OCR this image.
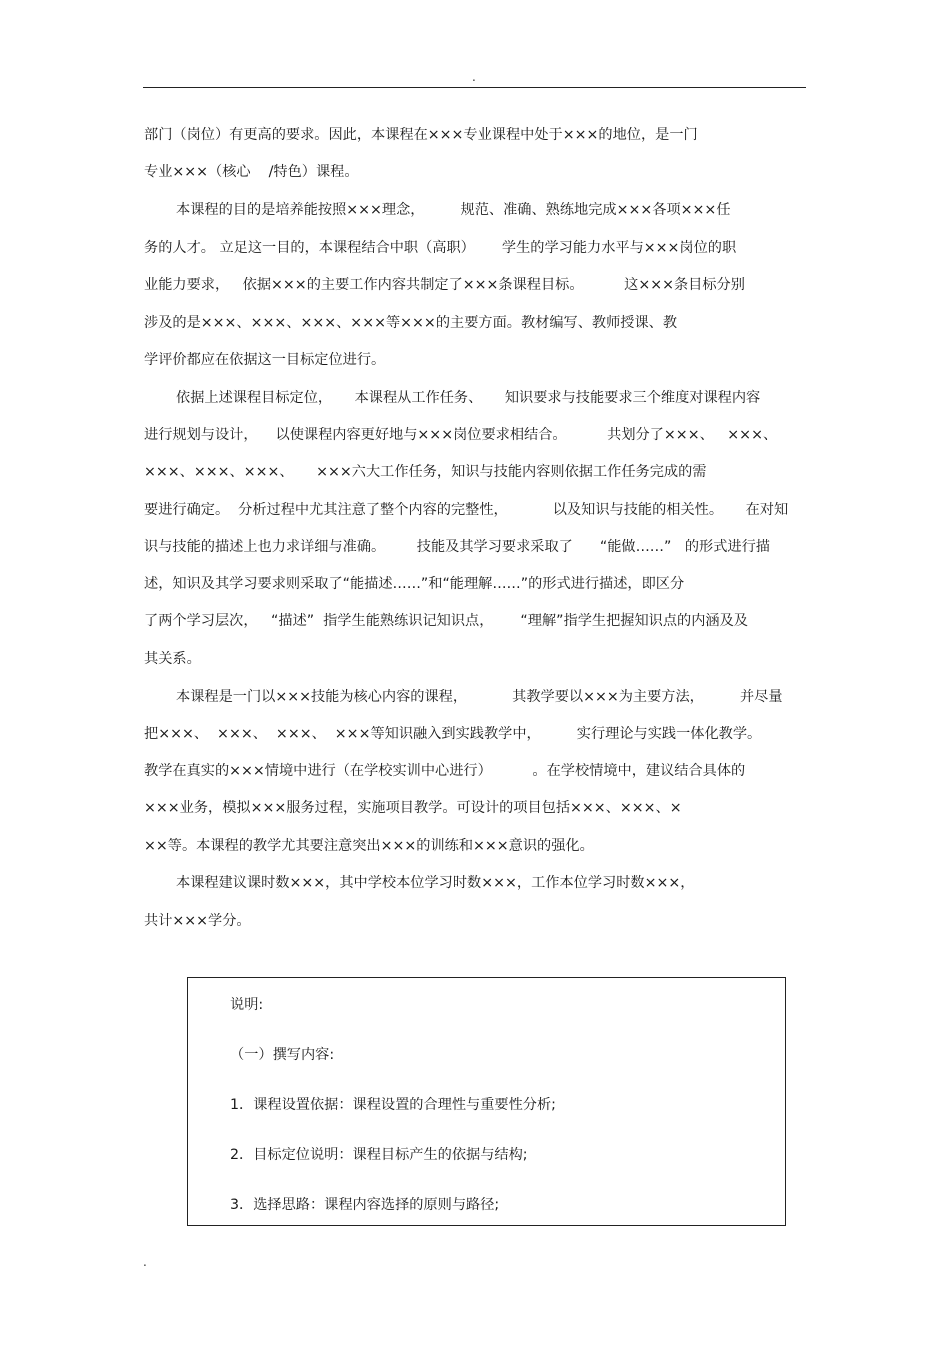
.
部门（岗位）有更高的要求。因此，本课程在×××专业课程中处于×××的地位，是一门
专业×××（核心    /特色）课程。
本课程的目的是培养能按照×××理念，        规范、准确、熟练地完成×××各项×××任
务的人才。 立足这一目的，本课程结合中职（高职）      学生的学习能力水平与×××岗位的职
业能力要求，   依据×××的主要工作内容共制定了×××条课程目标。         这×××条目标分别
涉及的是×××、×××、×××、×××等×××的主要方面。教材编写、教师授课、教
学评价都应在依据这一目标定位进行。
依据上述课程目标定位，     本课程从工作任务、     知识要求与技能要求三个维度对课程内容
进行规划与设计，    以使课程内容更好地与×××岗位要求相结合。         共划分了×××、   ×××、
×××、×××、×××、     ×××六大工作任务，知识与技能内容则依据工作任务完成的需
要进行确定。  分析过程中尤其注意了整个内容的完整性，          以及知识与技能的相关性。     在对知
识与技能的描述上也力求详细与准确。       技能及其学习要求采取了      “能做……”   的形式进行描
述，知识及其学习要求则采取了“能描述……”和“能理解……”的形式进行描述，即区分
了两个学习层次，   “描述”  指学生能熟练识记知识点，      “理解”指学生把握知识点的内涵及及
其关系。
本课程是一门以×××技能为核心内容的课程，          其教学要以×××为主要方法，        并尽量
把×××、  ×××、  ×××、  ×××等知识融入到实践教学中，        实行理论与实践一体化教学。
教学在真实的×××情境中进行（在学校实训中心进行）         。在学校情境中，建议结合具体的
×××业务，模拟×××服务过程，实施项目教学。可设计的项目包括×××、×××、×
××等。本课程的教学尤其要注意突出×××的训练和×××意识的强化。
本课程建议课时数×××，其中学校本位学习时数×××，工作本位学习时数×××，
共计×××学分。
说明:
（一）撰写内容:
1．课程设置依据：课程设置的合理性与重要性分析;
2．目标定位说明：课程目标产生的依据与结构;
3．选择思路：课程内容选择的原则与路径;
.
